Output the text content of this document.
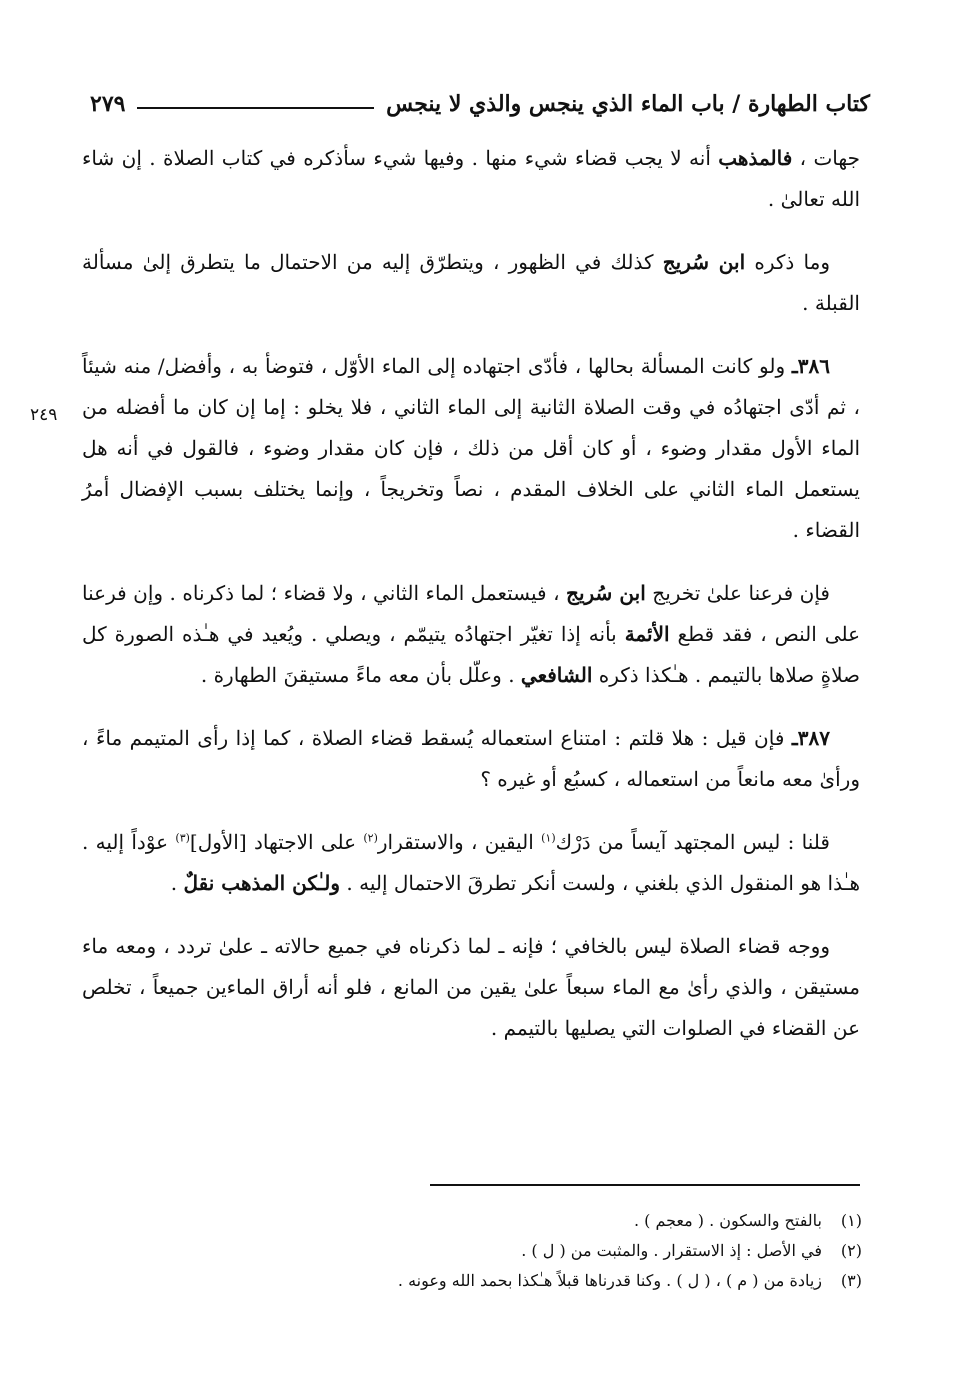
كتاب الطهارة / باب الماء الذي ينجس والذي لا ينجس
٢٧٩
٢٤٩

جهات ، فالمذهب أنه لا يجب قضاء شيء منها . وفيها شيء سأذكره في كتاب الصلاة . إن شاء الله تعالىٰ .

وما ذكره ابن سُريج كذلك في الظهور ، ويتطرّق إليه من الاحتمال ما يتطرق إلىٰ مسألة القبلة .

٣٨٦ـ ولو كانت المسألة بحالها ، فأدّى اجتهاده إلى الماء الأوّل ، فتوضأ به ، وأفضل/ منه شيئاً ، ثم أدّى اجتهادُه في وقت الصلاة الثانية إلى الماء الثاني ، فلا يخلو : إما إن كان ما أفضله من الماء الأول مقدار وضوء ، أو كان أقل من ذلك ، فإن كان مقدار وضوء ، فالقول في أنه هل يستعمل الماء الثاني على الخلاف المقدم ، نصاً وتخريجاً ، وإنما يختلف بسبب الإفضال أمرُ القضاء .

فإن فرعنا علىٰ تخريج ابن سُريج ، فيستعمل الماء الثاني ، ولا قضاء ؛ لما ذكرناه . وإن فرعنا على النص ، فقد قطع الأئمة بأنه إذا تغيّر اجتهادُه يتيمّم ، ويصلي . ويُعيد في هـٰذه الصورة كل صلاةٍ صلاها بالتيمم . هـٰكذا ذكره الشافعي . وعلّل بأن معه ماءً مستيقنَ الطهارة .

٣٨٧ـ فإن قيل : هلا قلتم : امتناع استعماله يُسقط قضاء الصلاة ، كما إذا رأى المتيمم ماءً ، ورأىٰ معه مانعاً من استعماله ، كسبُع أو غيره ؟

قلنا : ليس المجتهد آيساً من دَرْك$^{(١)}$ اليقين ، والاستقرار$^{(٢)}$ على الاجتهاد [الأول]$^{(٣)}$ عوْداً إليه . هـٰذا هو المنقول الذي بلغني ، ولست أنكر تطرقَ الاحتمال إليه . ولـٰكن المذهب نقلٌ .

ووجه قضاء الصلاة ليس بالخافي ؛ فإنه ـ لما ذكرناه في جميع حالاته ـ علىٰ تردد ، ومعه ماء مستيقن ، والذي رأىٰ مع الماء سبعاً علىٰ يقين من المانع ، فلو أنه أراق الماءين جميعاً ، تخلص عن القضاء في الصلوات التي يصليها بالتيمم .

(١)
بالفتح والسكون . ( معجم ) .
(٢)
في الأصل : إذ الاستقرار . والمثبت من ( ل ) .
(٣)
زيادة من ( م ) ، ( ل ) . وكنا قدرناها قبلاً هـٰكذا بحمد الله وعونه .
